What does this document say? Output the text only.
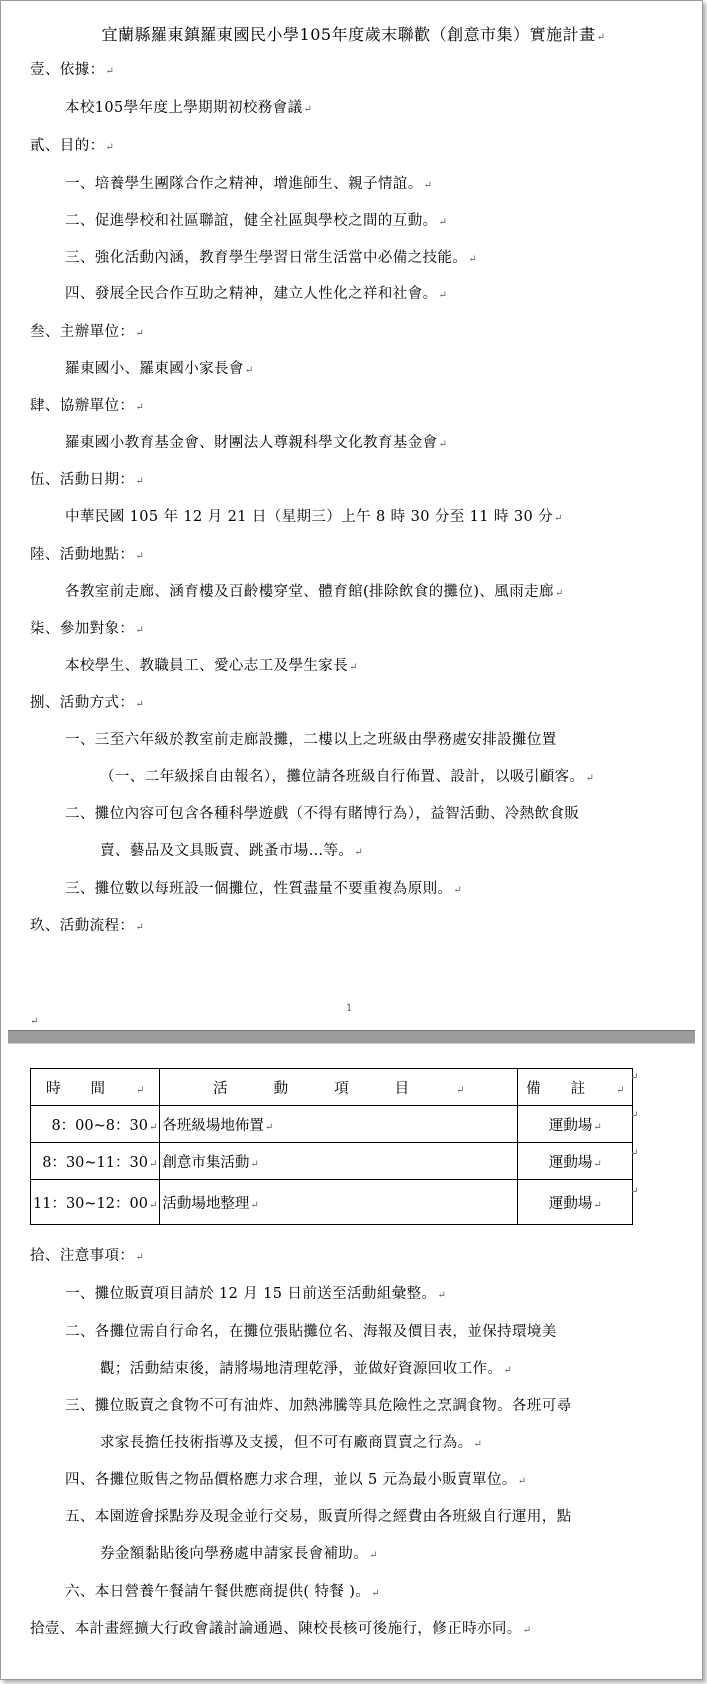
宜蘭縣羅東鎮羅東國民小學105年度歲末聯歡（創意市集）實施計畫↵
壹、依據：↵
本校105學年度上學期期初校務會議↵
貳、目的：↵
一、培養學生團隊合作之精神，增進師生、親子情誼。↵
二、促進學校和社區聯誼，健全社區與學校之間的互動。↵
三、強化活動內涵，教育學生學習日常生活當中必備之技能。↵
四、發展全民合作互助之精神，建立人性化之祥和社會。↵
叁、主辦單位：↵
羅東國小、羅東國小家長會↵
肆、協辦單位：↵
羅東國小教育基金會、財團法人尊親科學文化教育基金會↵
伍、活動日期：↵
中華民國 105 年 12 月 21 日（星期三）上午 8 時 30 分至 11 時 30 分↵
陸、活動地點：↵
各教室前走廊、涵育樓及百齡樓穿堂、體育館(排除飲食的攤位)、風雨走廊↵
柒、參加對象：↵
本校學生、教職員工、愛心志工及學生家長↵
捌、活動方式：↵
一、三至六年級於教室前走廊設攤，二樓以上之班級由學務處安排設攤位置
（一、二年級採自由報名），攤位請各班級自行佈置、設計，以吸引顧客。↵
二、攤位內容可包含各種科學遊戲（不得有賭博行為），益智活動、冷熱飲食販
賣、藝品及文具販賣、跳蚤市場…等。↵
三、攤位數以每班設一個攤位，性質盡量不要重複為原則。↵
玖、活動流程：↵
1
↵
時間↵	活動項目↵	備註↵
8：00~8：30↵	各班級場地佈置↵	運動場↵
8：30~11：30↵	創意市集活動↵	運動場↵
11：30~12：00↵	活動場地整理↵	運動場↵
↵
↵
↵
↵
拾、注意事項：↵
一、攤位販賣項目請於 12 月 15 日前送至活動組彙整。↵
二、各攤位需自行命名，在攤位張貼攤位名、海報及價目表，並保持環境美
觀；活動結束後，請將場地清理乾淨，並做好資源回收工作。↵
三、攤位販賣之食物不可有油炸、加熱沸騰等具危險性之烹調食物。各班可尋
求家長擔任技術指導及支援，但不可有廠商買賣之行為。↵
四、各攤位販售之物品價格應力求合理，並以 5 元為最小販賣單位。↵
五、本園遊會採點券及現金並行交易，販賣所得之經費由各班級自行運用，點
券金額黏貼後向學務處申請家長會補助。↵
六、本日營養午餐請午餐供應商提供( 特餐 )。↵
拾壹、本計畫經擴大行政會議討論通過、陳校長核可後施行，修正時亦同。↵
